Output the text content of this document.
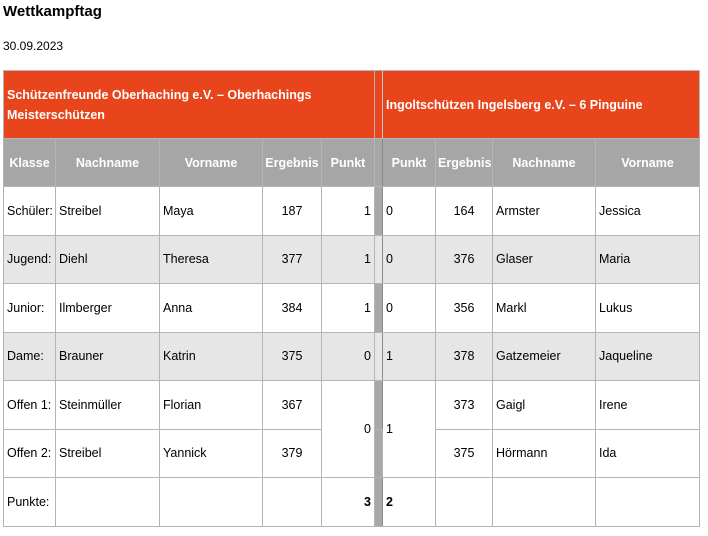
Wettkampftag
30.09.2023
Schützenfreunde Oberhaching e.V. – Oberhachings Meisterschützen						Ingoltschützen Ingelsberg e.V. – 6 Pinguine			
Klasse	Nachname	Vorname	Ergebnis	Punkt		Punkt	Ergebnis	Nachname	Vorname
Schüler:	Streibel	Maya	187	1		0	164	Armster	Jessica
Jugend:	Diehl	Theresa	377	1		0	376	Glaser	Maria
Junior:	Ilmberger	Anna	384	1		0	356	Markl	Lukus
Dame:	Brauner	Katrin	375	0		1	378	Gatzemeier	Jaqueline
Offen 1:	Steinmüller	Florian	367	0		1	373	Gaigl	Irene
Offen 2:	Streibel	Yannick	379				375	Hörmann	Ida
Punkte:				3		2			
